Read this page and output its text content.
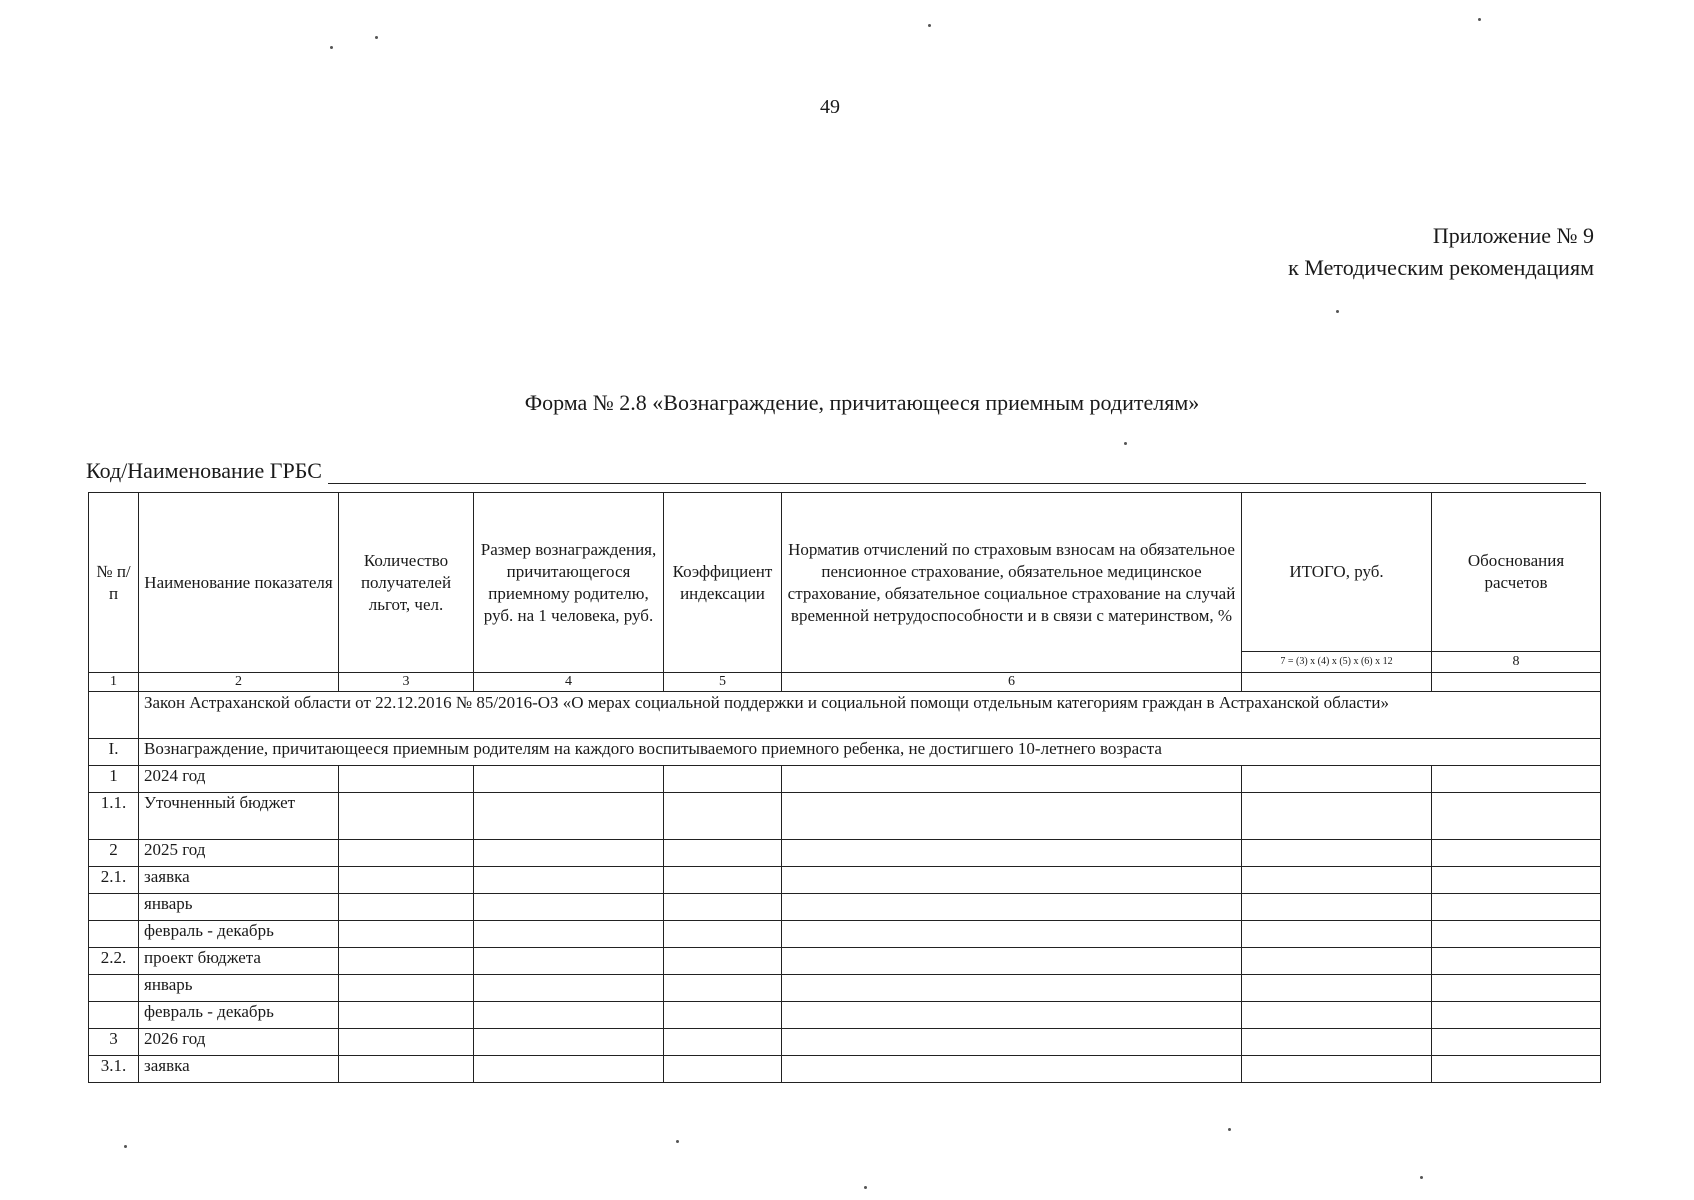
49
Приложение № 9
к Методическим рекомендациям
Форма № 2.8 «Вознаграждение, причитающееся приемным родителям»
Код/Наименование ГРБС
№ п/п	Наименование показателя	Количество получателей льгот, чел.	Размер вознаграждения, причитающегося приемному родителю, руб. на 1 человека, руб.	Коэффициент индексации	Норматив отчислений по страховым взносам на обязательное пенсионное страхование, обязательное медицинское страхование, обязательное социальное страхование на случай временной нетрудоспособности и в связи с материнством, %	ИТОГО, руб.	Обоснования расчетов

						7 = (3) х (4) х (5) х (6) х 12	8
1	2	3	4	5	6		
	Закон Астраханской области от 22.12.2016 № 85/2016-ОЗ «О мерах социальной поддержки и социальной помощи отдельным категориям граждан в Астраханской области»						
I.	Вознаграждение, причитающееся приемным родителям на каждого воспитываемого приемного ребенка, не достигшего 10-летнего возраста						
1	2024 год						
1.1.	Уточненный бюджет						
2	2025 год						
2.1.	заявка						
	январь						
	февраль - декабрь						
2.2.	проект бюджета						
	январь						
	февраль - декабрь						
3	2026 год						
3.1.	заявка						
